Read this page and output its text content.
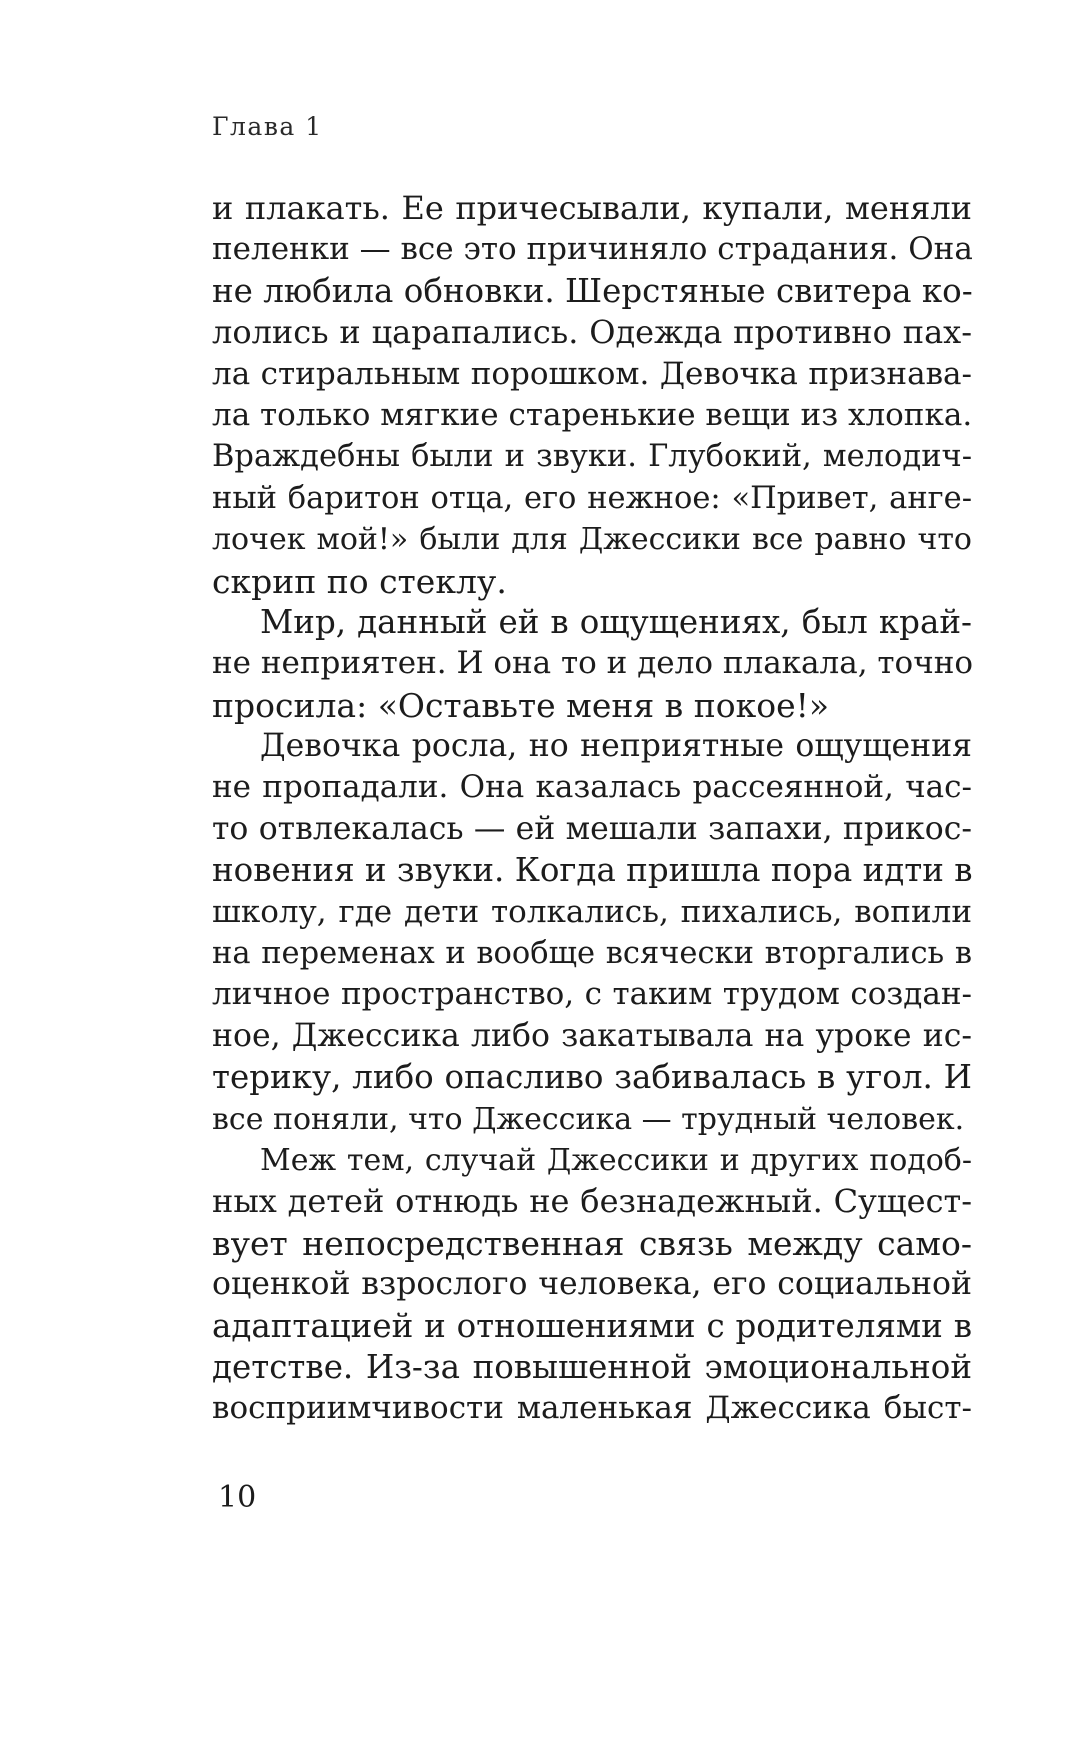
Глава 1
и плакать. Ее причесывали, купали, меняли
пеленки — все это причиняло страдания. Она
не любила обновки. Шерстяные свитера ко-
лолись и царапались. Одежда противно пах-
ла стиральным порошком. Девочка признава-
ла только мягкие старенькие вещи из хлопка.
Враждебны были и звуки. Глубокий, мелодич-
ный баритон отца, его нежное: «Привет, анге-
лочек мой!» были для Джессики все равно что
скрип по стеклу.
Мир, данный ей в ощущениях, был край-
не неприятен. И она то и дело плакала, точно
просила: «Оставьте меня в покое!»
Девочка росла, но неприятные ощущения
не пропадали. Она казалась рассеянной, час-
то отвлекалась — ей мешали запахи, прикос-
новения и звуки. Когда пришла пора идти в
школу, где дети толкались, пихались, вопили
на переменах и вообще всячески вторгались в
личное пространство, с таким трудом создан-
ное, Джессика либо закатывала на уроке ис-
терику, либо опасливо забивалась в угол. И
все поняли, что Джессика — трудный человек.
Меж тем, случай Джессики и других подоб-
ных детей отнюдь не безнадежный. Сущест-
вует непосредственная связь между само-
оценкой взрослого человека, его социальной
адаптацией и отношениями с родителями в
детстве. Из-за повышенной эмоциональной
восприимчивости маленькая Джессика быст-
10
